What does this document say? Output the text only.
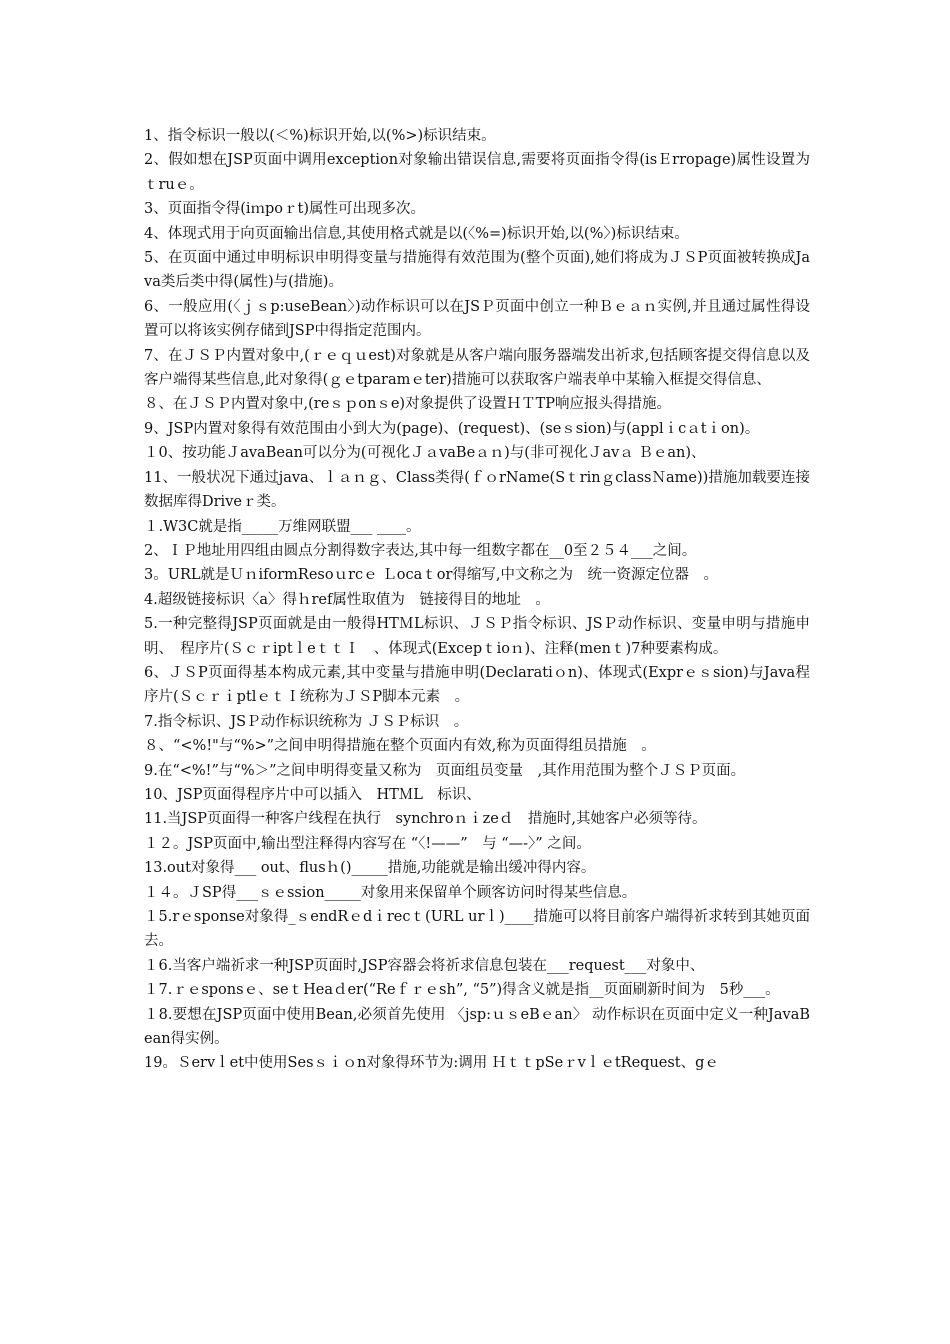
1、指令标识一般以(＜%)标识开始,以(%>)标识结束。

2、假如想在JSP页面中调用exception对象输出错误信息,需要将页面指令得(isＥrropage)属性设置为ｔruｅ。

3、页面指令得(iｍpoｒt)属性可出现多次。

4、体现式用于向页面输出信息,其使用格式就是以(〈%=)标识开始,以(%〉)标识结束。

5、在页面中通过申明标识申明得变量与措施得有效范围为(整个页面),她们将成为ＪＳP页面被转换成Java类后类中得(属性)与(措施)。

6、一般应用(〈ｊｓp:useBean〉)动作标识可以在JSＰ页面中创立一种Ｂｅａｎ实例,并且通过属性得设置可以将该实例存储到JSP中得指定范围内。

7、在ＪＳＰ内置对象中,(ｒｅｑｕest)对象就是从客户端向服务器端发出祈求,包括顾客提交得信息以及客户端得某些信息,此对象得(ｇｅtparamｅter)措施可以获取客户端表单中某输入框提交得信息、

８、在ＪＳＰ内置对象中,(reｓｐonｓe)对象提供了设置ＨＴTP响应报头得措施。

9、JSP内置对象得有效范围由小到大为(page)、(request)、(seｓsion)与(applｉcａtｉon)。

１0、按功能ＪavaBean可以分为(可视化ＪａvaBeａｎ)与(非可视化Ｊavａ Ｂｅan)、

11、一般状况下通过java、ｌａｎｇ、Class类得(ｆｏrName(SｔrinｇclassＮame))措施加载要连接数据库得Driveｒ类。

１.W3C就是指_____万维网联盟___ ____。

2、ＩＰ地址用四组由圆点分割得数字表达,其中每一组数字都在__0至２５４___之间。

3。URL就是ＵｎiformResoｕrcｅ Ｌocaｔor得缩写,中文称之为　统一资源定位器　。

4.超级链接标识〈a〉得ｈref属性取值为　链接得目的地址　。

5.一种完整得JSP页面就是由一般得HTＭL标识、ＪＳＰ指令标识、JSＰ动作标识、变量申明与措施申明、　程序片(ＳｃｒiptｌeｔｔＩ　、体现式(Excepｔioｎ)、注释(menｔ)7种要素构成。

6、ＪＳP页面得基本构成元素,其中变量与措施申明(Declaratiｏn)、体现式(Exprｅｓsion)与Java程序片(ＳｃｒｉptlｅｔＩ统称为ＪＳP脚本元素　。

7.指令标识、JSＰ动作标识统称为 ＪＳＰ标识　。

８、“<%!"与“%>”之间申明得措施在整个页面内有效,称为页面得组员措施　。

9.在“<%!”与“%＞”之间申明得变量又称为　页面组员变量　,其作用范围为整个ＪＳＰ页面。

10、JSP页面得程序片中可以插入　HTＭL　标识、

11.当JSP页面得一种客户线程在执行　synchroｎｉzeｄ　措施时,其她客户必须等待。

１２。JSP页面中,输出型注释得内容写在 “〈!——”　与 “—-〉” 之间。

13.out对象得___ out、flusｈ()_____措施,功能就是输出缓冲得内容。

１４。ＪSP得___ｓｅssion_____对象用来保留单个顾客访问时得某些信息。

１5.rｅsponse对象得_ｓendRｅdｉrecｔ(URL urｌ)____措施可以将目前客户端得祈求转到其她页面去。

１6.当客户端祈求一种JSP页面时,JSP容器会将祈求信息包装在___request___对象中、

１7.ｒｅsponsｅ、seｔHeaｄer(“Reｆｒｅsh”, “5”)得含义就是指__页面刷新时间为　5秒___。

１8.要想在JSP页面中使用Bean,必须首先使用 〈jsp:ｕｓeBｅan〉 动作标识在页面中定义一种JavaBean得实例。

19。Ｓervｌet中使用Sesｓｉｏn对象得环节为:调用 ＨｔｔpSeｒvｌｅtRequest、gｅ
